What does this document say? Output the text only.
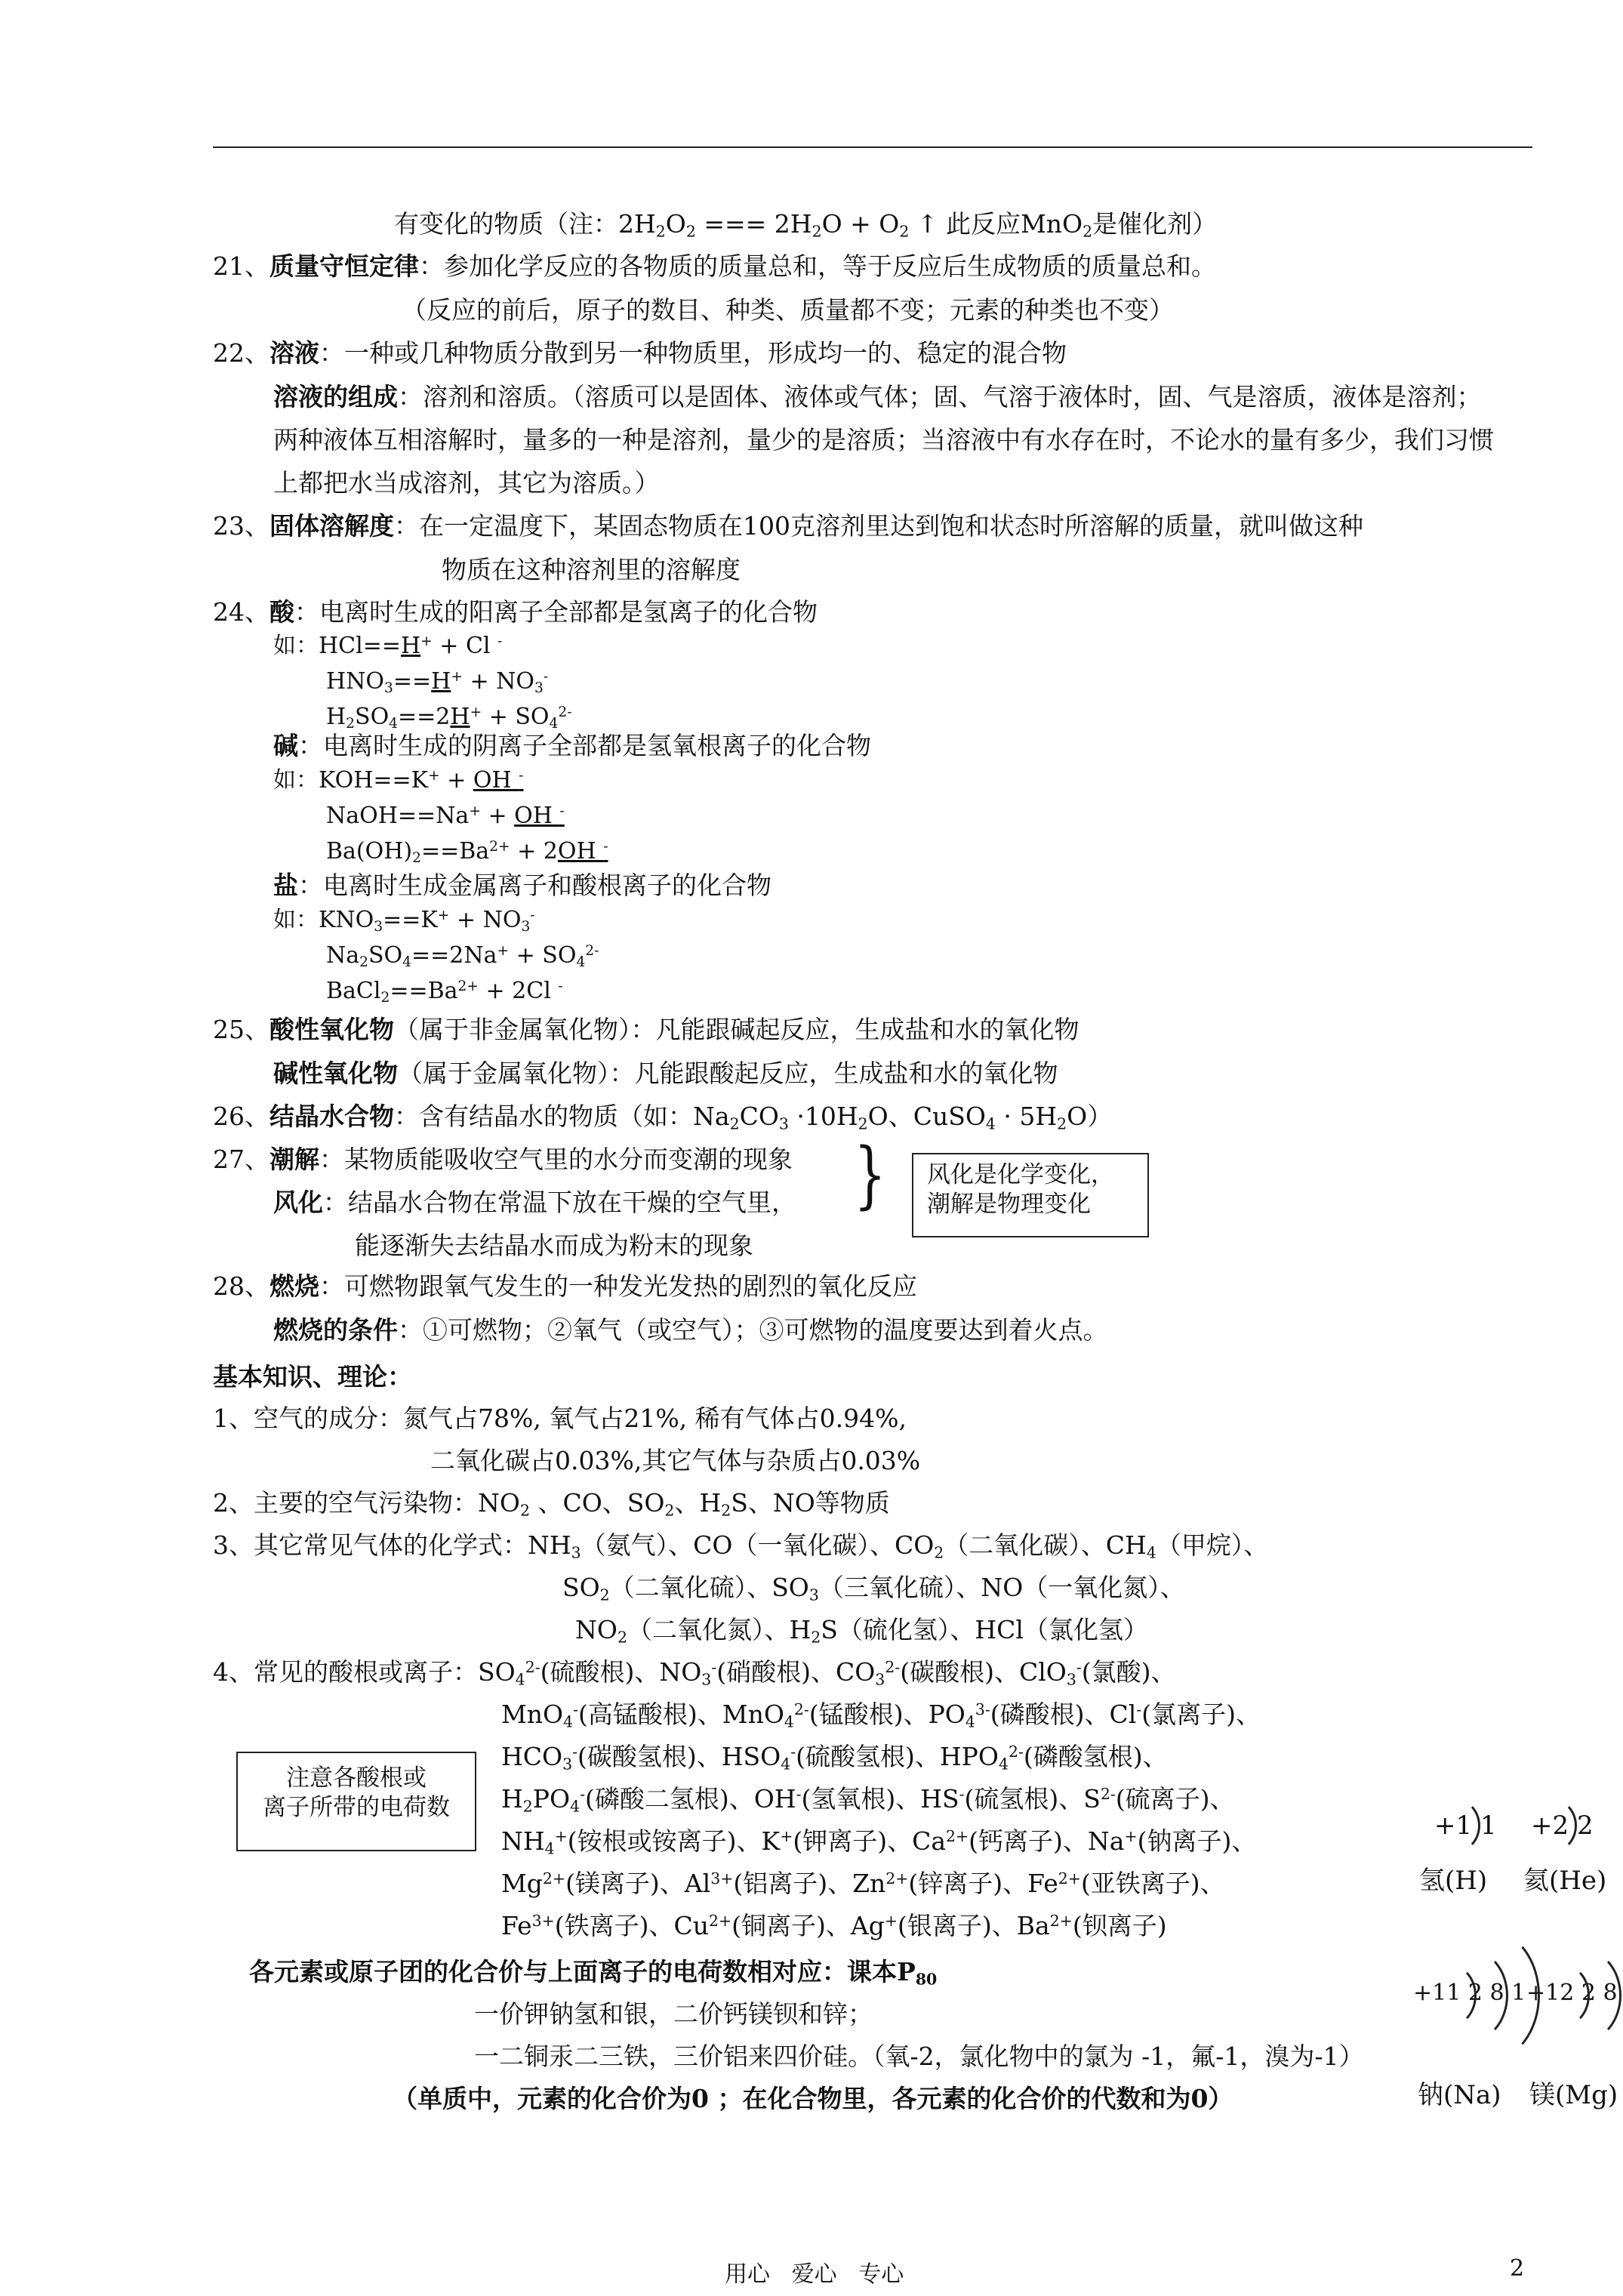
有变化的物质（注：$2H_2O_2$ === $2H_2O + O_2$ ↑ 此反应MnO$_2$是催化剂）
21、质量守恒定律：参加化学反应的各物质的质量总和，等于反应后生成物质的质量总和。
（反应的前后，原子的数目、种类、质量都不变；元素的种类也不变）
22、溶液：一种或几种物质分散到另一种物质里，形成均一的、稳定的混合物
溶液的组成：溶剂和溶质。（溶质可以是固体、液体或气体；固、气溶于液体时，固、气是溶质，液体是溶剂；
两种液体互相溶解时，量多的一种是溶剂，量少的是溶质；当溶液中有水存在时，不论水的量有多少，我们习惯
上都把水当成溶剂，其它为溶质。）
23、固体溶解度：在一定温度下，某固态物质在100克溶剂里达到饱和状态时所溶解的质量，就叫做这种
物质在这种溶剂里的溶解度
24、酸：电离时生成的阳离子全部都是氢离子的化合物
如：HCl==H+ + Cl -
$HNO_3==H^+ + NO_3^-$
$H_2SO_4==2H^+ + SO_4^{2-}$
碱：电离时生成的阴离子全部都是氢氧根离子的化合物
如：KOH==K+ + OH -
NaOH==Na+ + OH -
$Ba(OH)_2==Ba^{2+} + 2OH$ -
盐：电离时生成金属离子和酸根离子的化合物
如：$KNO_3==K^+ + NO_3^-$
$Na_2SO_4==2Na^+ + SO_4^{2-}$
$BaCl_2==Ba^{2+} + 2Cl$ -
25、酸性氧化物（属于非金属氧化物）：凡能跟碱起反应，生成盐和水的氧化物
碱性氧化物（属于金属氧化物）：凡能跟酸起反应，生成盐和水的氧化物
26、结晶水合物：含有结晶水的物质（如：$Na_2CO_3 \cdot 10H_2O$、CuSO$_4$ · $5H_2O$）
27、潮解：某物质能吸收空气里的水分而变潮的现象
风化：结晶水合物在常温下放在干燥的空气里，
能逐渐失去结晶水而成为粉末的现象
}	风化是化学变化，
潮解是物理变化
28、燃烧：可燃物跟氧气发生的一种发光发热的剧烈的氧化反应
燃烧的条件：①可燃物；②氧气（或空气）；③可燃物的温度要达到着火点。
基本知识、理论：
1、空气的成分：氮气占78%, 氧气占21%, 稀有气体占0.94%,
二氧化碳占0.03%,其它气体与杂质占0.03%
2、主要的空气污染物：$NO_2$ 、CO、$SO_2$、$H_2S$、NO等物质
3、其它常见气体的化学式：$NH_3$（氨气）、CO（一氧化碳）、$CO_2$（二氧化碳）、$CH_4$（甲烷）、
$SO_2$（二氧化硫）、$SO_3$（三氧化硫）、NO（一氧化氮）、
$NO_2$（二氧化氮）、$H_2S$（硫化氢）、HCl（氯化氢）
4、常见的酸根或离子：$SO_4^{2-}$(硫酸根)、$NO_3^-$(硝酸根)、$CO_3^{2-}$(碳酸根)、ClO$_3$-(氯酸)、
MnO$_4$-(高锰酸根)、MnO$_4^{2-}$(锰酸根)、$PO_4^{3-}$(磷酸根)、Cl-(氯离子)、
$HCO_3^-$(碳酸氢根)、$HSO_4^-$(硫酸氢根)、$HPO_4^{2-}$(磷酸氢根)、
$H_2PO_4^-$(磷酸二氢根)、OH-(氢氧根)、HS-(硫氢根)、$S^{2-}$(硫离子)、
$NH_4^+$(铵根或铵离子)、K+(钾离子)、$Ca^{2+}$(钙离子)、Na+(钠离子)、
$Mg^{2+}$(镁离子)、$Al^{3+}$(铝离子)、$Zn^{2+}$(锌离子)、$Fe^{2+}$(亚铁离子)、
$Fe^{3+}$(铁离子)、$Cu^{2+}$(铜离子)、Ag+(银离子)、$Ba^{2+}$(钡离子)
注意各酸根或
离子所带的电荷数
各元素或原子团的化合价与上面离子的电荷数相对应：课本$P_{80}$
一价钾钠氢和银，二价钙镁钡和锌；
一二铜汞二三铁，三价铝来四价硅。（氧-2，氯化物中的氯为 -1，氟-1，溴为-1）
（单质中，元素的化合价为0 ；在化合物里，各元素的化合价的代数和为0）
+1 1
氢(H)
+2 2
氦(He)
+11 2 8 1
钠(Na)
+12 2 8
镁(Mg)
用心   爱心   专心	2
